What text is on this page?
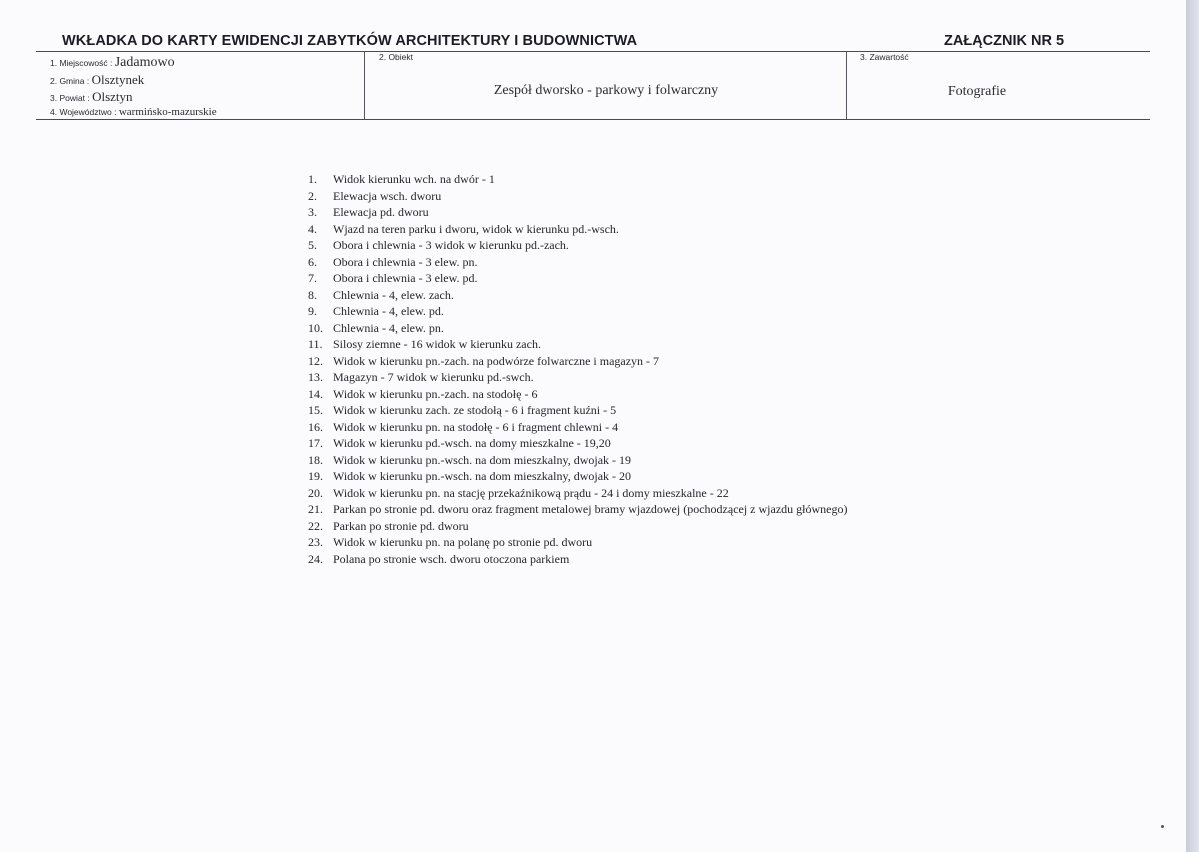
WKŁADKA DO KARTY EWIDENCJI ZABYTKÓW ARCHITEKTURY I BUDOWNICTWA	ZAŁĄCZNIK NR 5
1. Miejscowość : Jadamowo
2. Gmina : Olsztynek
3. Powiat : Olsztyn
4. Województwo : warmińsko-mazurskie
2. Obiekt
Zespół dworsko - parkowy i folwarczny
3. Zawartość
Fotografie
1.	Widok kierunku wch. na dwór - 1
2.	Elewacja wsch. dworu
3.	Elewacja pd. dworu
4.	Wjazd na teren parku i dworu, widok w kierunku pd.-wsch.
5.	Obora i chlewnia - 3 widok w kierunku pd.-zach.
6.	Obora i chlewnia - 3 elew. pn.
7.	Obora i chlewnia - 3 elew. pd.
8.	Chlewnia - 4, elew. zach.
9.	Chlewnia - 4, elew. pd.
10. Chlewnia - 4, elew. pn.
11. Silosy ziemne - 16 widok w kierunku zach.
12. Widok w kierunku pn.-zach. na podwórze folwarczne i magazyn - 7
13. Magazyn - 7 widok w kierunku pd.-swch.
14. Widok w kierunku pn.-zach. na stodołę - 6
15. Widok w kierunku zach. ze stodołą - 6 i fragment kuźni - 5
16. Widok w kierunku pn. na stodołę - 6 i fragment chlewni - 4
17. Widok w kierunku pd.-wsch. na domy mieszkalne - 19,20
18. Widok w kierunku pn.-wsch. na dom mieszkalny, dwojak - 19
19. Widok w kierunku pn.-wsch. na dom mieszkalny, dwojak - 20
20. Widok w kierunku pn. na stację przekaźnikową prądu - 24 i domy mieszkalne - 22
21. Parkan po stronie pd. dworu oraz fragment metalowej bramy wjazdowej (pochodzącej z wjazdu głównego)
22. Parkan po stronie pd. dworu
23. Widok w kierunku pn. na polanę po stronie pd. dworu
24. Polana po stronie wsch. dworu otoczona parkiem
